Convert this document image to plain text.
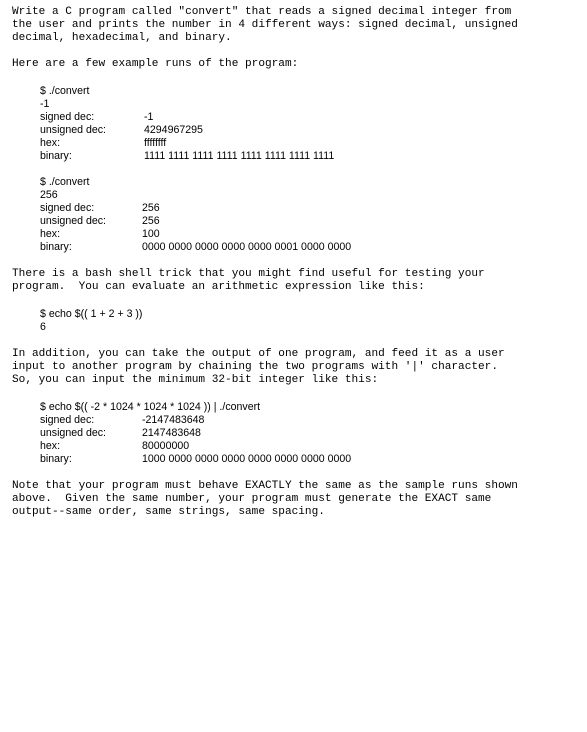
Write a C program called "convert" that reads a signed decimal integer from
the user and prints the number in 4 different ways: signed decimal, unsigned
decimal, hexadecimal, and binary.
Here are a few example runs of the program:
$ ./convert
-1
signed dec:	-1
unsigned dec:	4294967295
hex:	ffffffff
binary:	1111 1111 1111 1111 1111 1111 1111 1111
$ ./convert
256
signed dec:	256
unsigned dec:	256
hex:	100
binary:	0000 0000 0000 0000 0000 0001 0000 0000
There is a bash shell trick that you might find useful for testing your
program.  You can evaluate an arithmetic expression like this:
$ echo $(( 1 + 2 + 3 ))
6
In addition, you can take the output of one program, and feed it as a user
input to another program by chaining the two programs with '|' character.
So, you can input the minimum 32-bit integer like this:
$ echo $(( -2 * 1024 * 1024 * 1024 )) | ./convert
signed dec:	-2147483648
unsigned dec:	2147483648
hex:	80000000
binary:	1000 0000 0000 0000 0000 0000 0000 0000
Note that your program must behave EXACTLY the same as the sample runs shown
above.  Given the same number, your program must generate the EXACT same
output--same order, same strings, same spacing.
